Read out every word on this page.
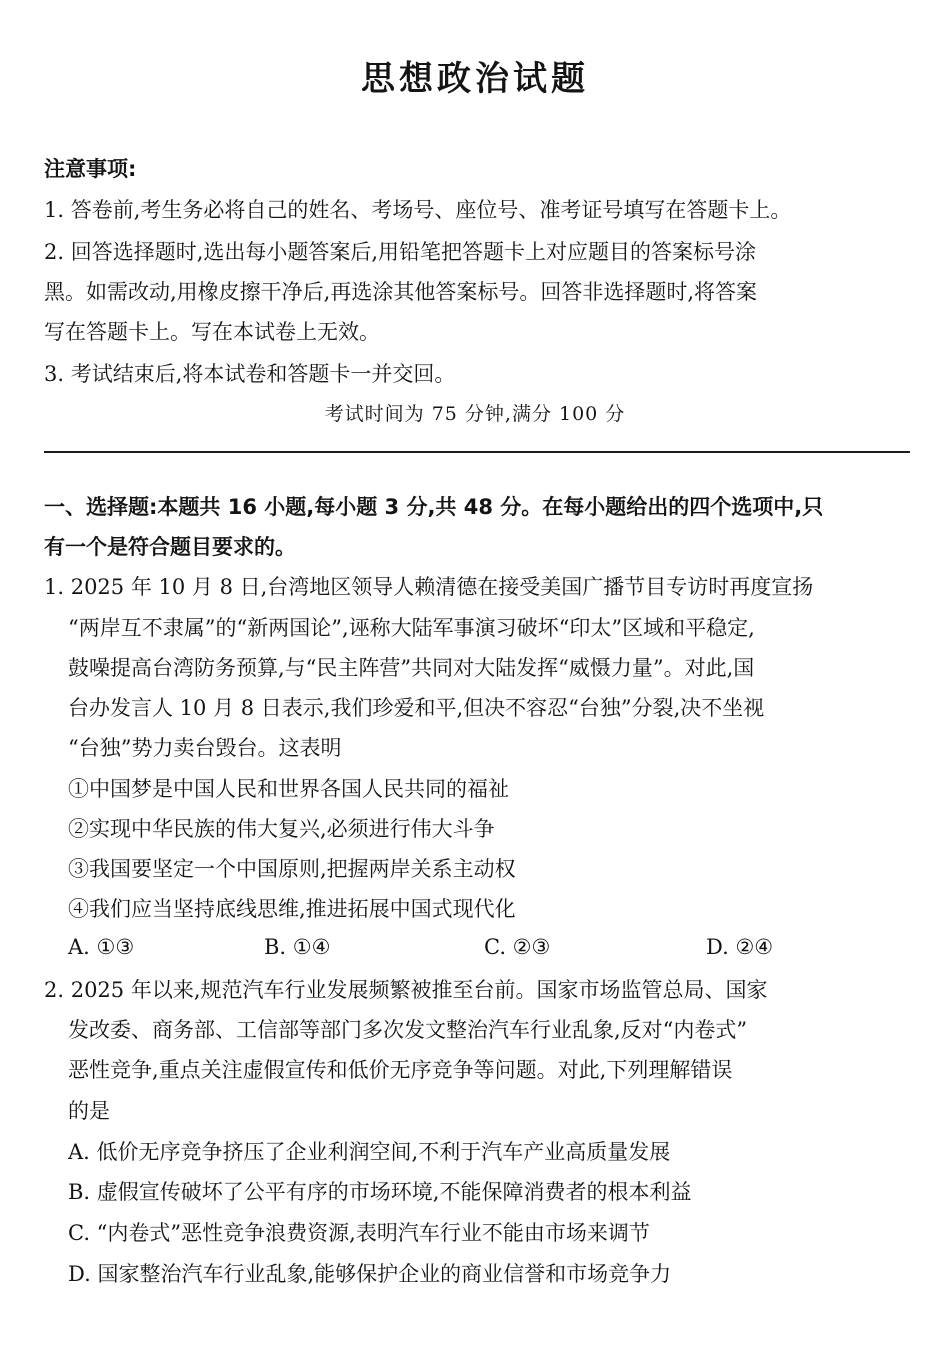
思想政治试题
注意事项:
1. 答卷前,考生务必将自己的姓名、考场号、座位号、准考证号填写在答题卡上。
2. 回答选择题时,选出每小题答案后,用铅笔把答题卡上对应题目的答案标号涂
黑。如需改动,用橡皮擦干净后,再选涂其他答案标号。回答非选择题时,将答案
写在答题卡上。写在本试卷上无效。
3. 考试结束后,将本试卷和答题卡一并交回。
考试时间为 75 分钟,满分 100 分
一、选择题:本题共 16 小题,每小题 3 分,共 48 分。在每小题给出的四个选项中,只
有一个是符合题目要求的。
1. 2025 年 10 月 8 日,台湾地区领导人赖清德在接受美国广播节目专访时再度宣扬
“两岸互不隶属”的“新两国论”,诬称大陆军事演习破坏“印太”区域和平稳定,
鼓噪提高台湾防务预算,与“民主阵营”共同对大陆发挥“威慑力量”。对此,国
台办发言人 10 月 8 日表示,我们珍爱和平,但决不容忍“台独”分裂,决不坐视
“台独”势力卖台毁台。这表明
①中国梦是中国人民和世界各国人民共同的福祉
②实现中华民族的伟大复兴,必须进行伟大斗争
③我国要坚定一个中国原则,把握两岸关系主动权
④我们应当坚持底线思维,推进拓展中国式现代化
A. ①③	B. ①④	C. ②③	D. ②④
2. 2025 年以来,规范汽车行业发展频繁被推至台前。国家市场监管总局、国家
发改委、商务部、工信部等部门多次发文整治汽车行业乱象,反对“内卷式”
恶性竞争,重点关注虚假宣传和低价无序竞争等问题。对此,下列理解错误
的是
A. 低价无序竞争挤压了企业利润空间,不利于汽车产业高质量发展
B. 虚假宣传破坏了公平有序的市场环境,不能保障消费者的根本利益
C. “内卷式”恶性竞争浪费资源,表明汽车行业不能由市场来调节
D. 国家整治汽车行业乱象,能够保护企业的商业信誉和市场竞争力
